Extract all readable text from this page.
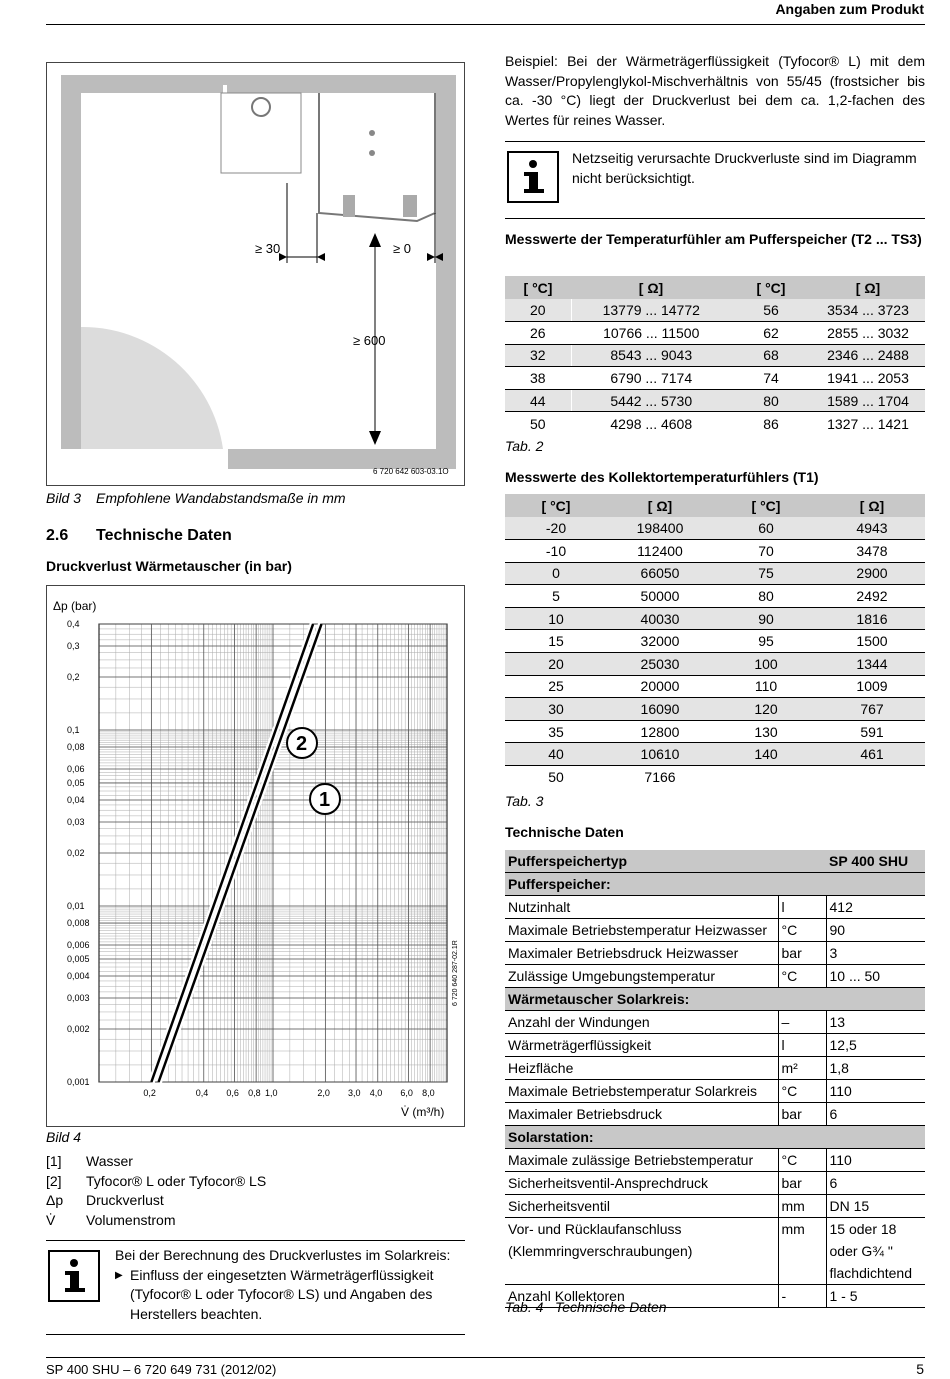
Angaben zum Produkt
≥ 30	≥ 0
≥ 600
6 720 642 603-03.1O
Bild 3 Empfohlene Wandabstandsmaße in mm
2.6 Technische Daten
Druckverlust Wärmetauscher (in bar)
0,4
0,3
0,2
0,1
0,08
0,06
0,05
0,04
0,03
0,02
0,01
0,008
0,006
0,005
0,004
0,003
0,002
0,001
0,2	0,4 0,6 0,8 1,0	2,0 3,0 4,0 6,0 8,0
Δp (bar)
V̇ (m³/h)
6 720 640 287-02.1R
2
1
Bild 4
[1] Wasser
[2] Tyfocor® L oder Tyfocor® LS
Δp Druckverlust
V̇ Volumenstrom
Bei der Berechnung des Druckverlustes im Solarkreis:
▶ Einfluss der eingesetzten Wärmeträgerflüssigkeit (Tyfocor® L oder Tyfocor® LS) und Angaben des Herstellers beachten.
Beispiel: Bei der Wärmeträgerflüssigkeit (Tyfocor® L) mit dem Wasser/Propylenglykol-Mischverhältnis von 55/45 (frostsicher bis ca. -30 °C) liegt der Druckverlust bei dem ca. 1,2-fachen des Wertes für reines Wasser.
Netzseitig verursachte Druckverluste sind im Diagramm nicht berücksichtigt.
Messwerte der Temperaturfühler am Pufferspeicher (T2 ... TS3)
[ °C]	[ Ω]	[ °C]	[ Ω]
20	13779 ... 14772	56	3534 ... 3723
26	10766 ... 11500	62	2855 ... 3032
32	8543 ... 9043	68	2346 ... 2488
38	6790 ... 7174	74	1941 ... 2053
44	5442 ... 5730	80	1589 ... 1704
50	4298 ... 4608	86	1327 ... 1421
Tab. 2
Messwerte des Kollektortemperaturfühlers (T1)
[ °C]	[ Ω]	[ °C]	[ Ω]
-20	198400	60	4943
-10	112400	70	3478
0	66050	75	2900
5	50000	80	2492
10	40030	90	1816
15	32000	95	1500
20	25030	100	1344
25	20000	110	1009
30	16090	120	767
35	12800	130	591
40	10610	140	461
50	7166		
Tab. 3
Technische Daten
Pufferspeichertyp		SP 400 SHU
Pufferspeicher:		
Nutzinhalt	l	412
Maximale Betriebstemperatur Heizwasser	°C	90
Maximaler Betriebsdruck Heizwasser	bar	3
Zulässige Umgebungstemperatur	°C	10 ... 50
Wärmetauscher Solarkreis:		
Anzahl der Windungen	–	13
Wärmeträgerflüssigkeit	l	12,5
Heizfläche	m²	1,8
Maximale Betriebstemperatur Solarkreis	°C	110
Maximaler Betriebsdruck	bar	6
Solarstation:		
Maximale zulässige Betriebstemperatur	°C	110
Sicherheitsventil-Ansprechdruck	bar	6
Sicherheitsventil	mm	DN 15
Vor- und Rücklaufanschluss (Klemmringverschraubungen)	mm	15 oder 18 oder G¾ " flachdichtend
Anzahl Kollektoren	-	1 - 5
Tab. 4 Technische Daten
SP 400 SHU – 6 720 649 731 (2012/02)	5
